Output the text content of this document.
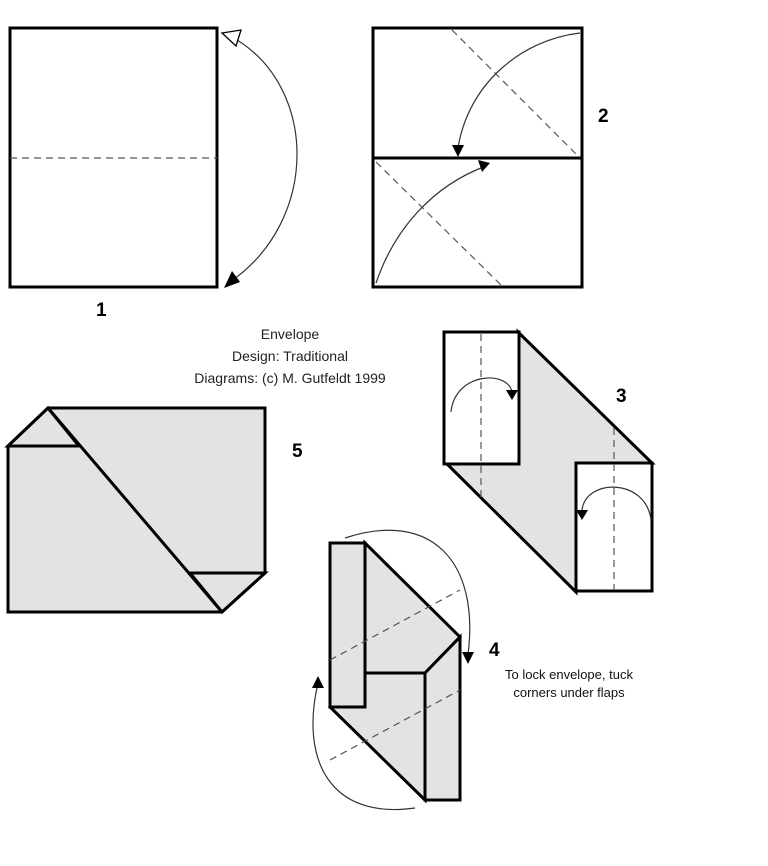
1
2
Envelope
Design: Traditional
Diagrams: (c) M. Gutfeldt 1999
3
4
To lock envelope, tuck
corners under flaps
5
